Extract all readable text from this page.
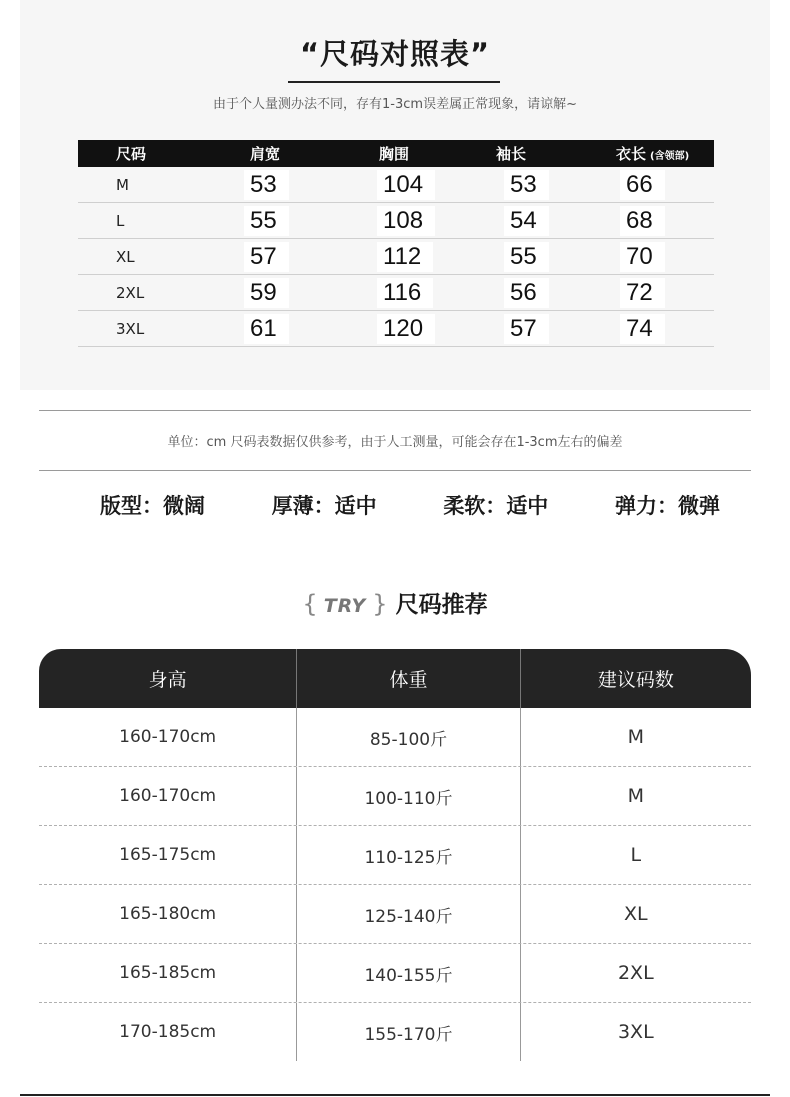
“尺码对照表”
由于个人量测办法不同，存有1-3cm误差属正常现象，请谅解~
尺码	肩宽	胸围	袖长	衣长 (含领部)
M	53	104	53	66
L	55	108	54	68
XL	57	112	55	70
2XL	59	116	56	72
3XL	61	120	57	74
单位：cm 尺码表数据仅供参考，由于人工测量，可能会存在1-3cm左右的偏差
版型：微阔	厚薄：适中	柔软：适中	弹力：微弹
{ TRY } 尺码推荐
身高	体重	建议码数
160-170cm	85-100斤	M
160-170cm	100-110斤	M
165-175cm	110-125斤	L
165-180cm	125-140斤	XL
165-185cm	140-155斤	2XL
170-185cm	155-170斤	3XL
